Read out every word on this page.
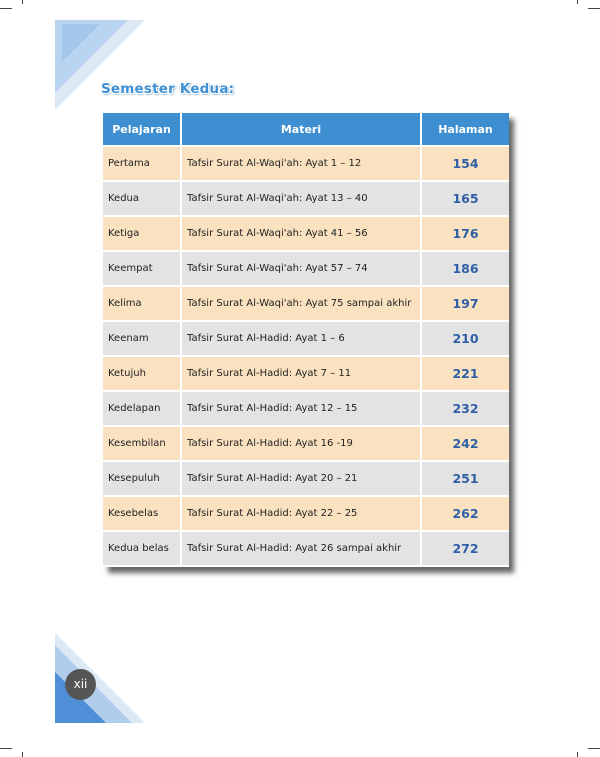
Semester Kedua:
Pelajaran	Materi	Halaman
Pertama	Tafsir Surat Al-Waqi'ah: Ayat 1 – 12	154
Kedua	Tafsir Surat Al-Waqi'ah: Ayat 13 – 40	165
Ketiga	Tafsir Surat Al-Waqi'ah: Ayat 41 – 56	176
Keempat	Tafsir Surat Al-Waqi'ah: Ayat 57 – 74	186
Kelima	Tafsir Surat Al-Waqi'ah: Ayat 75 sampai akhir	197
Keenam	Tafsir Surat Al-Hadid: Ayat 1 – 6	210
Ketujuh	Tafsir Surat Al-Hadid: Ayat 7 – 11	221
Kedelapan	Tafsir Surat Al-Hadid: Ayat 12 – 15	232
Kesembilan	Tafsir Surat Al-Hadid: Ayat 16 -19	242
Kesepuluh	Tafsir Surat Al-Hadid: Ayat 20 – 21	251
Kesebelas	Tafsir Surat Al-Hadid: Ayat 22 – 25	262
Kedua belas	Tafsir Surat Al-Hadid: Ayat 26 sampai akhir	272
xii
